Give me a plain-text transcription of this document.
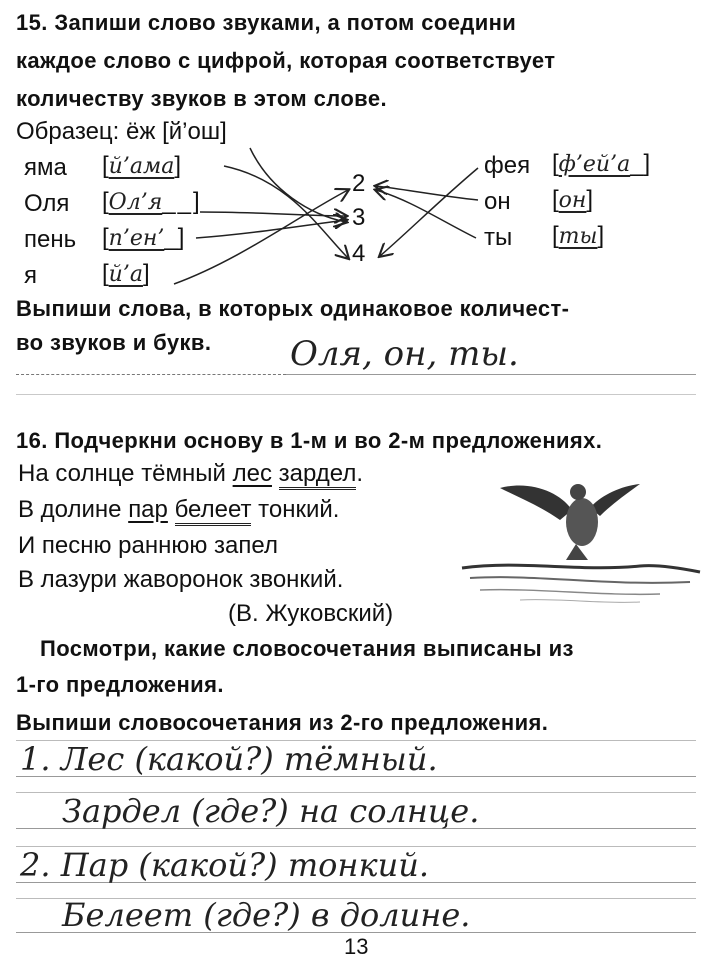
15. Запиши слово звуками, а потом соедини
каждое слово с цифрой, которая соответствует
количеству звуков в этом слове.
Образец: ёж [й’ош]
яма
Оля
пень
я
[й’ама]
[Ол’я__]
[п’ен’_]
[й’а]
2
3
4
фея
он
ты
[ф’ей’а_]
[он]
[ты]
Выпиши слова, в которых одинаковое количест-
во звуков и букв. Оля, он, ты.
16. Подчеркни основу в 1-м и во 2-м предложениях.
На солнце тёмный лес зардел.
В долине пар белеет тонкий.
И песню раннюю запел
В лазури жаворонок звонкий.
(В. Жуковский)
Посмотри, какие словосочетания выписаны из
1-го предложения.
Выпиши словосочетания из 2-го предложения.
1. Лес (какой?) тёмный.
Зардел (где?) на солнце.
2. Пар (какой?) тонкий.
Белеет (где?) в долине.
13
